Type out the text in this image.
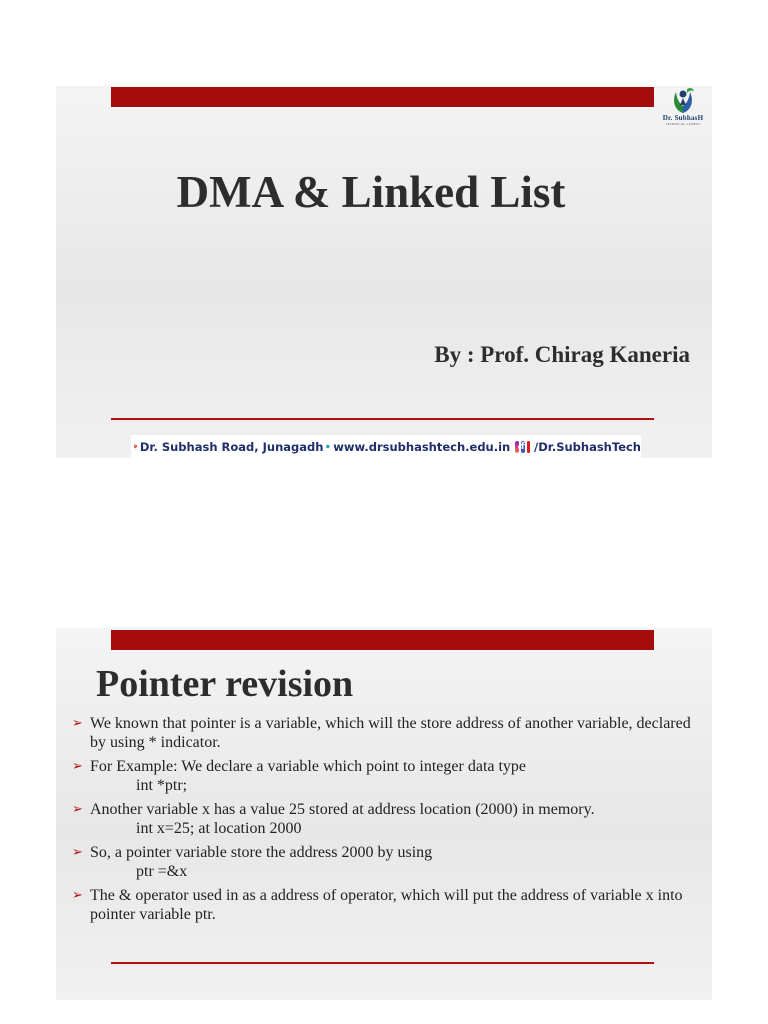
Dr. SubhasH
TECHNICAL CAMPUS
DMA & Linked List

By : Prof. Chirag Kaneria

Dr. Subhash Road, Junagadh www.drsubhashtech.edu.in f /Dr.SubhashTech
Pointer revision
➢ We known that pointer is a variable, which will the store address of another variable, declared by using * indicator.
➢ For Example: We declare a variable which point to integer data type
int *ptr;
➢ Another variable x has a value 25 stored at address location (2000) in memory.
int x=25; at location 2000
➢ So, a pointer variable store the address 2000 by using
ptr =&x
➢ The & operator used in as a address of operator, which will put the address of variable x into pointer variable ptr.
